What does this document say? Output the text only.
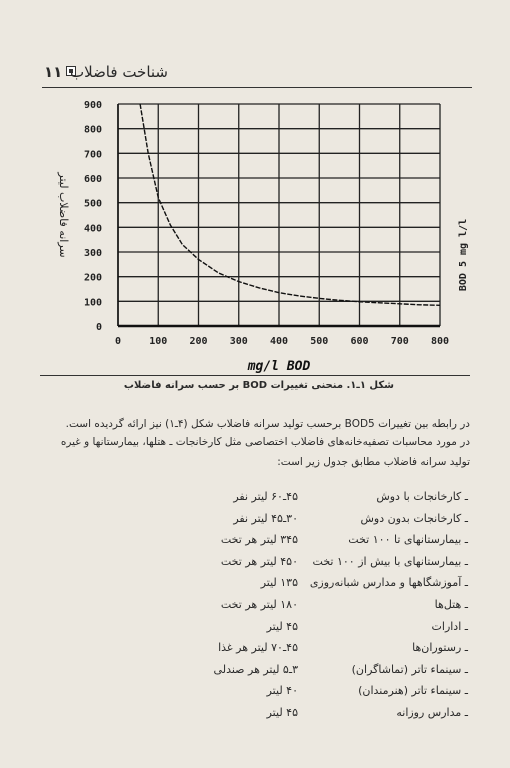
۱۱ شناخت فاضلاب
0	100 200 300 400 500 600 700 800
0
100
200
300
400
500
600
700
800
900
mg/l BOD
سرانه فاضلاب لیتر	BOD 5 mg l/l
شکل ۱ـ۱. منحنی تغییرات BOD بر حسب سرانه فاضلاب
در رابطه بین تغییرات BOD5 برحسب تولید سرانه فاضلاب شکل (۴ـ۱) نیز ارائه گردیده است.
در مورد محاسبات تصفیه‌خانه‌های فاضلاب اختصاصی مثل کارخانجات ـ هتلها، بیمارستانها و غیره
تولید سرانه فاضلاب مطابق جدول زیر است:
ـ کارخانجات با دوش
۴۵ـ۶۰ لیتر نفر
ـ کارخانجات بدون دوش
۳۰ـ۴۵ لیتر نفر
ـ بیمارستانهای تا ۱۰۰ تخت
۳۴۵ لیتر هر تخت
ـ بیمارستانهای با بیش از ۱۰۰ تخت
۴۵۰ لیتر هر تخت
ـ آموزشگاهها و مدارس شبانه‌روزی
۱۳۵ لیتر
ـ هتل‌ها
۱۸۰ لیتر هر تخت
ـ ادارات
۴۵ لیتر
ـ رستوران‌ها
۴۵ـ۷۰ لیتر هر غذا
ـ سینماء تاتر (تماشاگران)
۳ـ۵ لیتر هر صندلی
ـ سینماء تاتر (هنرمندان)
۴۰ لیتر
ـ مدارس روزانه
۴۵ لیتر
